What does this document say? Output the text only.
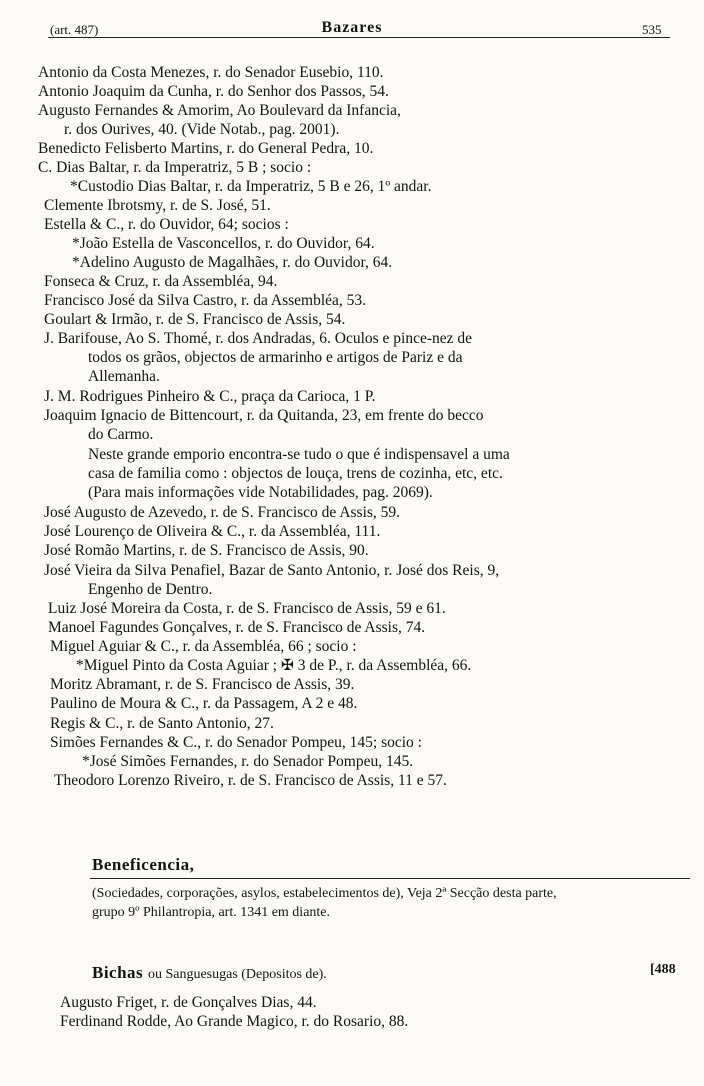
(art. 487)	Bazares	535
Antonio da Costa Menezes, r. do Senador Eusebio, 110.
Antonio Joaquim da Cunha, r. do Senhor dos Passos, 54.
Augusto Fernandes & Amorim, Ao Boulevard da Infancia,
r. dos Ourives, 40. (Vide Notab., pag. 2001).
Benedicto Felisberto Martins, r. do General Pedra, 10.
C. Dias Baltar, r. da Imperatriz, 5 B ; socio :
*Custodio Dias Baltar, r. da Imperatriz, 5 B e 26, 1º andar.
Clemente Ibrotsmy, r. de S. José, 51.
Estella & C., r. do Ouvidor, 64; socios :
*João Estella de Vasconcellos, r. do Ouvidor, 64.
*Adelino Augusto de Magalhães, r. do Ouvidor, 64.
Fonseca & Cruz, r. da Assembléa, 94.
Francisco José da Silva Castro, r. da Assembléa, 53.
Goulart & Irmão, r. de S. Francisco de Assis, 54.
J. Barifouse, Ao S. Thomé, r. dos Andradas, 6. Oculos e pince-nez de
todos os grãos, objectos de armarinho e artigos de Pariz e da
Allemanha.
J. M. Rodrigues Pinheiro & C., praça da Carioca, 1 P.
Joaquim Ignacio de Bittencourt, r. da Quitanda, 23, em frente do becco
do Carmo.
Neste grande emporio encontra-se tudo o que é indispensavel a uma
casa de familia como : objectos de louça, trens de cozinha, etc, etc.
(Para mais informações vide Notabilidades, pag. 2069).
José Augusto de Azevedo, r. de S. Francisco de Assis, 59.
José Lourenço de Oliveira & C., r. da Assembléa, 111.
José Romão Martins, r. de S. Francisco de Assis, 90.
José Vieira da Silva Penafiel, Bazar de Santo Antonio, r. José dos Reis, 9,
Engenho de Dentro.
Luiz José Moreira da Costa, r. de S. Francisco de Assis, 59 e 61.
Manoel Fagundes Gonçalves, r. de S. Francisco de Assis, 74.
Miguel Aguiar & C., r. da Assembléa, 66 ; socio :
*Miguel Pinto da Costa Aguiar ; ✠ 3 de P., r. da Assembléa, 66.
Moritz Abramant, r. de S. Francisco de Assis, 39.
Paulino de Moura & C., r. da Passagem, A 2 e 48.
Regis & C., r. de Santo Antonio, 27.
Simões Fernandes & C., r. do Senador Pompeu, 145; socio :
*José Simões Fernandes, r. do Senador Pompeu, 145.
Theodoro Lorenzo Riveiro, r. de S. Francisco de Assis, 11 e 57.
Beneficencia,
(Sociedades, corporações, asylos, estabelecimentos de), Veja 2ª Secção desta parte,
grupo 9º Philantropia, art. 1341 em diante.
Bichas ou Sanguesugas (Depositos de).	[488
Augusto Friget, r. de Gonçalves Dias, 44.
Ferdinand Rodde, Ao Grande Magico, r. do Rosario, 88.
